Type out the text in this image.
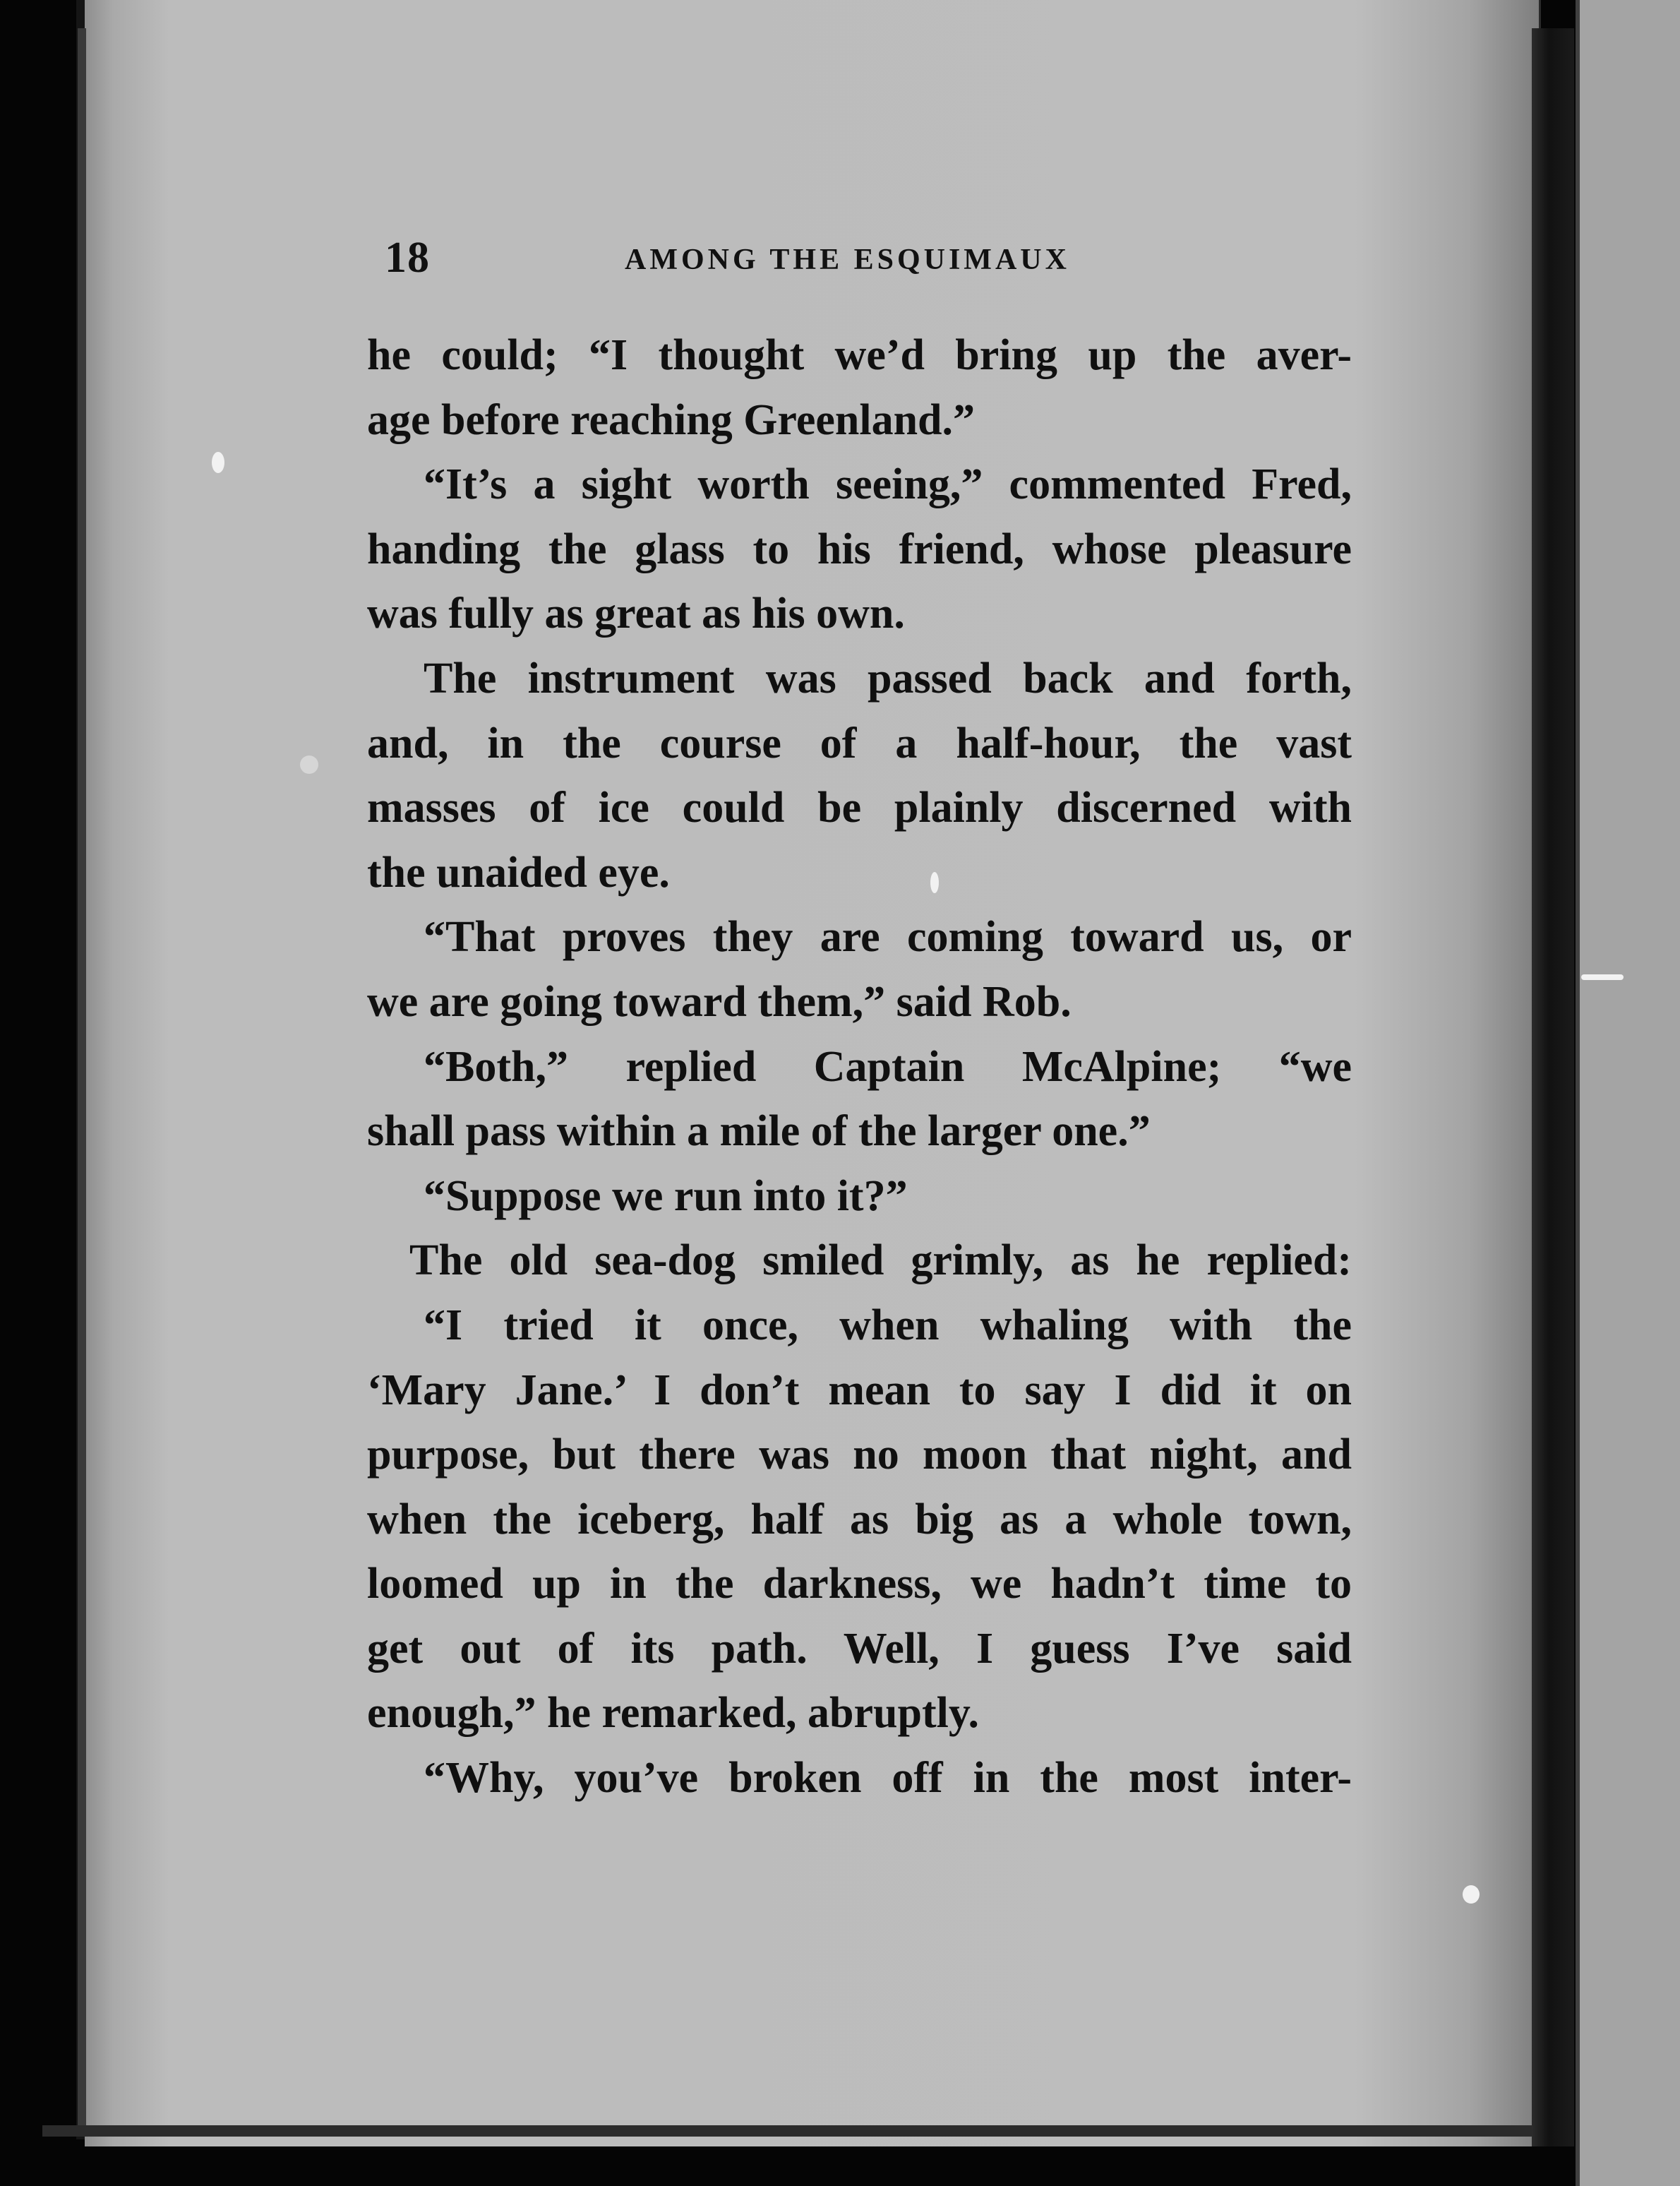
18	AMONG THE ESQUIMAUX
he could; “I thought we’d bring up the aver-
age before reaching Greenland.”
“It’s a sight worth seeing,” commented Fred,
handing the glass to his friend, whose pleasure
was fully as great as his own.
The instrument was passed back and forth,
and, in the course of a half-hour, the vast
masses of ice could be plainly discerned with
the unaided eye.
“That proves they are coming toward us, or
we are going toward them,” said Rob.
“Both,” replied Captain McAlpine; “we
shall pass within a mile of the larger one.”
“Suppose we run into it?”
The old sea-dog smiled grimly, as he replied:
“I tried it once, when whaling with the
‘Mary Jane.’ I don’t mean to say I did it on
purpose, but there was no moon that night, and
when the iceberg, half as big as a whole town,
loomed up in the darkness, we hadn’t time to
get out of its path. Well, I guess I’ve said
enough,” he remarked, abruptly.
“Why, you’ve broken off in the most inter-
